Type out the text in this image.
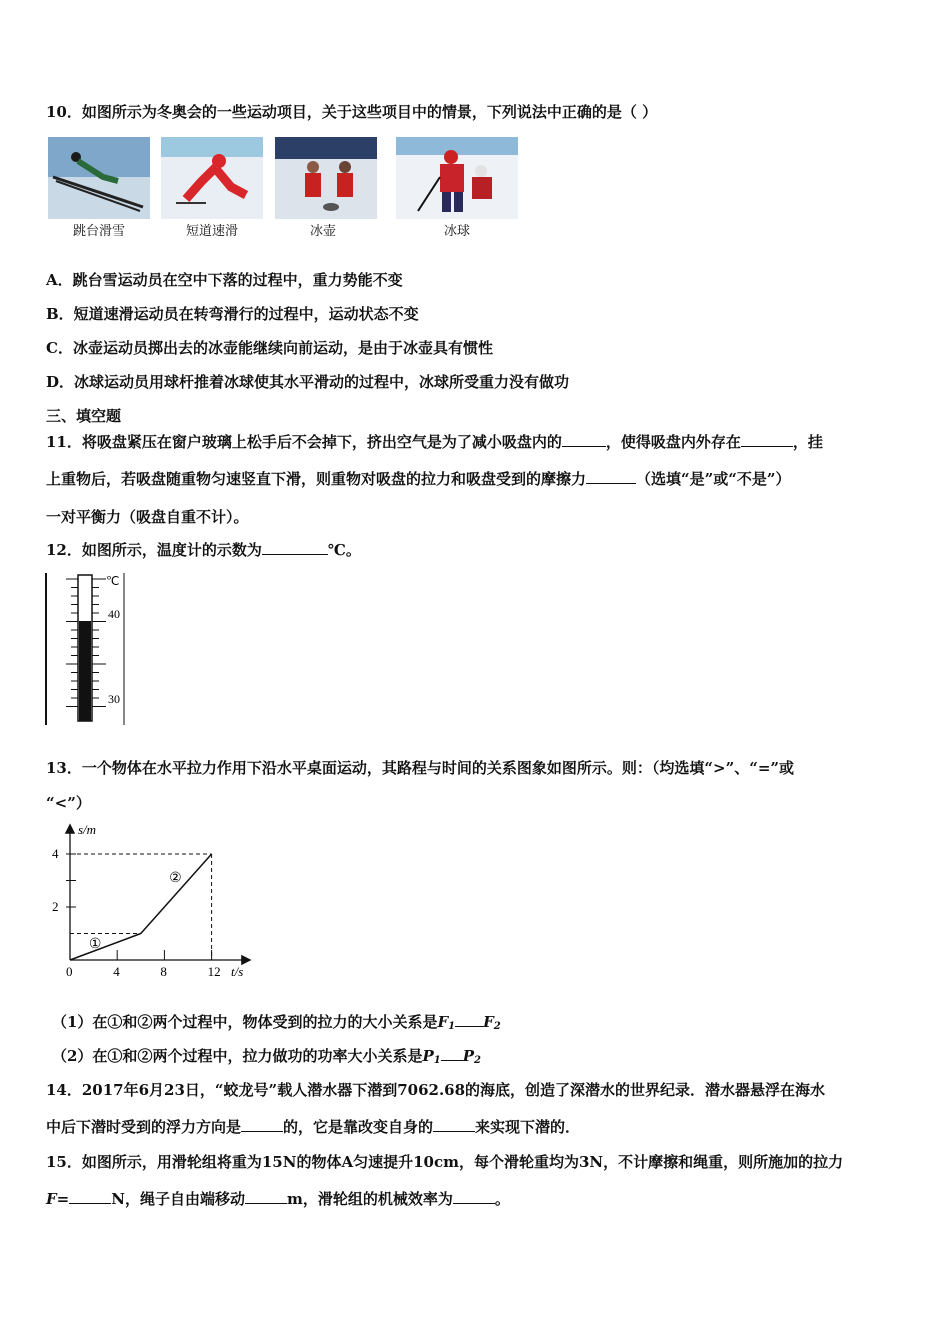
10．如图所示为冬奥会的一些运动项目，关于这些项目中的情景，下列说法中正确的是（ ）
跳台滑雪	短道速滑	冰壶	冰球
A．跳台雪运动员在空中下落的过程中，重力势能不变
B．短道速滑运动员在转弯滑行的过程中，运动状态不变
C．冰壶运动员掷出去的冰壶能继续向前运动，是由于冰壶具有惯性
D．冰球运动员用球杆推着冰球使其水平滑动的过程中，冰球所受重力没有做功
三、填空题
11．将吸盘紧压在窗户玻璃上松手后不会掉下，挤出空气是为了减小吸盘内的	，使得吸盘内外存在	，挂
上重物后，若吸盘随重物匀速竖直下滑，则重物对吸盘的拉力和吸盘受到的摩擦力	（选填“是”或“不是”）
一对平衡力（吸盘自重不计）。
12．如图所示，温度计的示数为	℃。
℃
40
30
13．一个物体在水平拉力作用下沿水平桌面运动，其路程与时间的关系图象如图所示。则：（均选填“>”、“=”或
“<”）
s/m
t/s
0	4	8	12
2
4
①
②
（1）在①和②两个过程中，物体受到的拉力的大小关系是$F_1$ $F_2$
（2）在①和②两个过程中，拉力做功的功率大小关系是$P_1$ $P_2$
14．2017年6月23日，“蛟龙号”载人潜水器下潜到7062.68的海底，创造了深潜水的世界纪录．潜水器悬浮在海水
中后下潜时受到的浮力方向是	的，它是靠改变自身的	来实现下潜的．
15．如图所示，用滑轮组将重为15N的物体A匀速提升10cm，每个滑轮重均为3N，不计摩擦和绳重，则所施加的拉力
F=	N，绳子自由端移动	m，滑轮组的机械效率为	。
